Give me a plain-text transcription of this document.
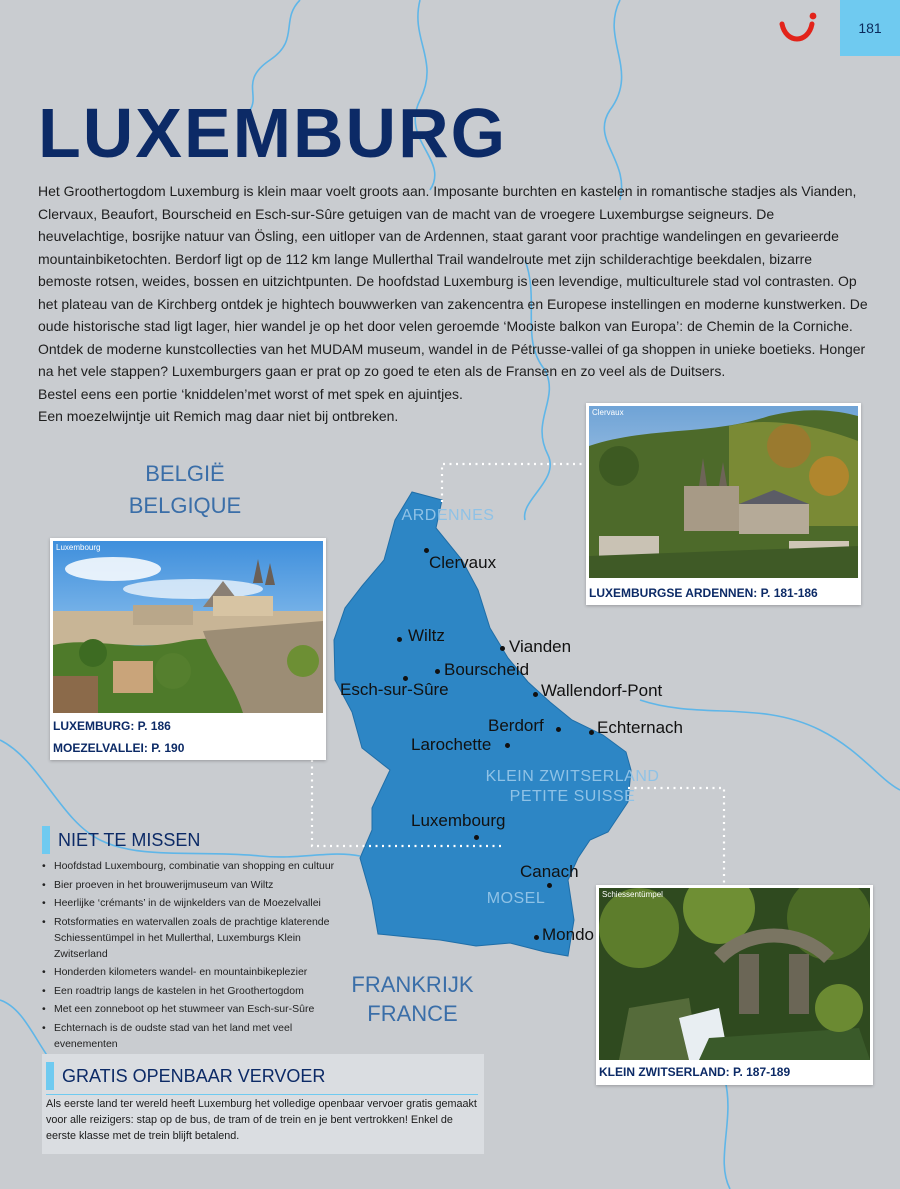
181
LUXEMBURG

Het Groothertogdom Luxemburg is klein maar voelt groots aan. Imposante burchten en kastelen in romantische stadjes als Vianden, Clervaux, Beaufort, Bourscheid en Esch-sur-Sûre getuigen van de macht van de vroegere Luxemburgse seigneurs. De heuvelachtige, bosrijke natuur van Ösling, een uitloper van de Ardennen, staat garant voor prachtige wandelingen en gevarieerde mountainbiketochten. Berdorf ligt op de 112 km lange Mullerthal Trail wandelroute met zijn schilderachtige beekdalen, bizarre bemoste rotsen, weides, bossen en uitzichtpunten. De hoofdstad Luxemburg is een levendige, multiculturele stad vol contrasten. Op het plateau van de Kirchberg ontdek je hightech bouwwerken van zakencentra en Europese instellingen en moderne kunstwerken. De oude historische stad ligt lager, hier wandel je op het door velen geroemde ‘Mooiste balkon van Europa’: de Chemin de la Corniche. Ontdek de moderne kunstcollecties van het MUDAM museum, wandel in de Pétrusse-vallei of ga shoppen in unieke boetieks. Honger na het vele stappen? Luxemburgers gaan er prat op zo goed te eten als de Fransen en zo veel als de Duitsers.

Bestel eens een portie ‘kniddelen’met worst of met spek en ajuintjes.

Een moezelwijntje uit Remich mag daar niet bij ontbreken.

BELGIË
BELGIQUE
FRANKRIJK
FRANCE
ARDENNES
KLEIN ZWITSERLAND
PETITE SUISSE
MOSEL
Clervaux
Wiltz
Vianden
Bourscheid
Esch-sur-Sûre	Wallendorf-Pont
Berdorf	Echternach
Larochette
Luxembourg
Canach
Mondo
Luxembourg
LUXEMBURG: P. 186
MOEZELVALLEI: P. 190
Clervaux
LUXEMBURGSE ARDENNEN: P. 181-186
Schiessentümpel
KLEIN ZWITSERLAND: P. 187-189
NIET TE MISSEN
• Hoofdstad Luxembourg, combinatie van shopping en cultuur
• Bier proeven in het brouwerijmuseum van Wiltz
• Heerlijke ‘crémants’ in de wijnkelders van de Moezelvallei
• Rotsformaties en watervallen zoals de prachtige klaterende Schiessentümpel in het Mullerthal, Luxemburgs Klein Zwitserland
• Honderden kilometers wandel- en mountainbikeplezier
• Een roadtrip langs de kastelen in het Groothertogdom
• Met een zonneboot op het stuwmeer van Esch-sur-Sûre
• Echternach is de oudste stad van het land met veel evenementen
GRATIS OPENBAAR VERVOER
Als eerste land ter wereld heeft Luxemburg het volledige openbaar vervoer gratis gemaakt voor alle reizigers: stap op de bus, de tram of de trein en je bent vertrokken! Enkel de eerste klasse met de trein blijft betalend.
